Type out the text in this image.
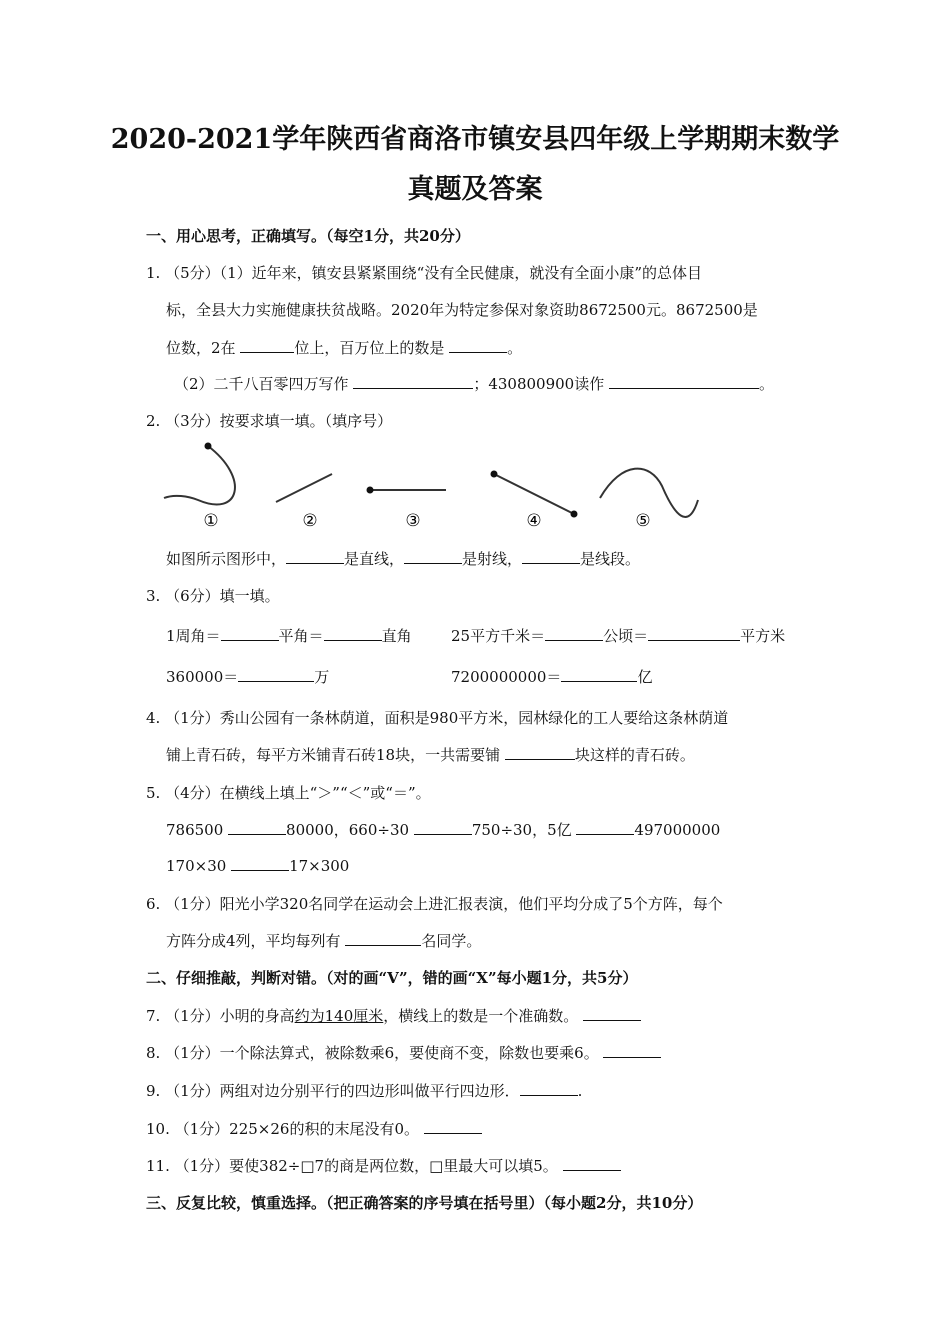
2020-2021学年陕西省商洛市镇安县四年级上学期期末数学
真题及答案
一、用心思考，正确填写。（每空1分，共20分）
1. （5分）（1）近年来，镇安县紧紧围绕“没有全民健康，就没有全面小康”的总体目
标，全县大力实施健康扶贫战略。2020年为特定参保对象资助8672500元。8672500是
位数，2在	位上，百万位上的数是	。
（2）二千八百零四万写作	；430800900读作	。
2. （3分）按要求填一填。（填序号）
①	②	③	④	⑤
如图所示图形中，	是直线，	是射线，	是线段。
3. （6分）填一填。
1周角＝	平角＝	直角	25平方千米＝	公顷＝	平方米
360000＝	万	7200000000＝	亿
4. （1分）秀山公园有一条林荫道，面积是980平方米，园林绿化的工人要给这条林荫道
铺上青石砖，每平方米铺青石砖18块，一共需要铺	块这样的青石砖。
5. （4分）在横线上填上“＞”“＜”或“＝”。
786500	80000，660÷30	750÷30，5亿	497000000
170×30	17×300
6. （1分）阳光小学320名同学在运动会上进汇报表演，他们平均分成了5个方阵，每个
方阵分成4列，平均每列有	名同学。
二、仔细推敲，判断对错。（对的画“V”，错的画“X”每小题1分，共5分）
7. （1分）小明的身高约为140厘米，横线上的数是一个准确数。
8. （1分）一个除法算式，被除数乘6，要使商不变，除数也要乘6。
9. （1分）两组对边分别平行的四边形叫做平行四边形．	.
10. （1分）225×26的积的末尾没有0。
11. （1分）要使382÷□7的商是两位数，□里最大可以填5。
三、反复比较，慎重选择。（把正确答案的序号填在括号里）（每小题2分，共10分）
